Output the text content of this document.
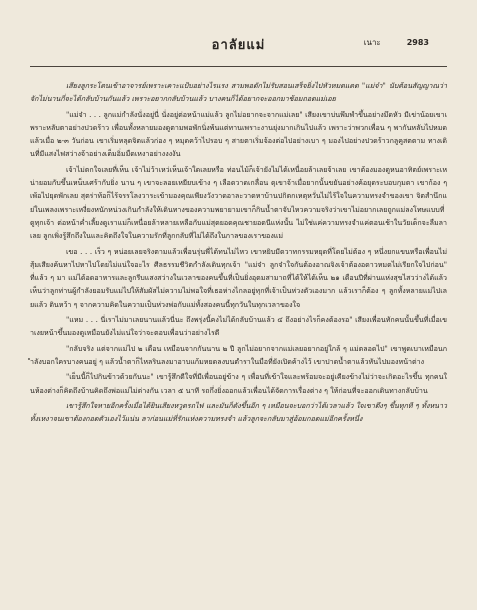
อาลัยแม่	เนาะ	2983

เสียงลูกระโดนเข้าอาจารย์เพราะเคาะแป้บอย่างไรแรง สามพอดักไม่รับสอนเสร็จยิ่งไปหัวหมดแดด "แม่จ๋า" นับต้อนสัญญาณว่าจักไม่นานกี่จะได้กลับบ้านกันแล้ว เพราะอยากกลับบ้านแล้ว บางคนก็ได้อยากจะออกมาช้อมถอดแม่เอย

"แม่จ๋า . . . ลูกแม่กำลังนั่งอยู่นี่ นั่งอยู่ต่อหน้าแม่แล้ว ลูกไม่อยากจะจากแม่เลย" เสียงเขาบ่นพึมพำขึ้นอย่างมึดหัว มีเข่าน้อยเขาเพราะหลับตาอย่างปวดร้าว เพื่อนทั้งหลายมองดูตามพอพักนิ่งพ้นแต่ทานเพราะงานยุ่งมากเกินไปแล้ว เพราะว่าพวกเพื่อน ๆ พากันหลับไปหมดแล้วเมื่อ ๒-๓ วันก่อน เขาเริ่มหลุดจิตแล้วก่อง ๆ หมุดคว้าไปรอบ ๆ สายตาเริ่มจ้องต่อไปอย่างเบา ๆ มองไปอย่างปวดร้าวกลูคูสตตาม ทางเดินที่มีแสงไฟสว่างจ้าอย่างเต็มอิ่มมืดเหงาอย่างงงงัน

เจ้าไม่ตกใจเลยที่เห็น เจ้าไม่ว้าเหว่เห็นเจ้าใดเลยหรือ ท่อนไม้ก็เจ้ายังไม่ได้เหนื่อยล้าเลยจ้าเลย เขาต้องมองดูหนอาทิตย์เพราะเหน่ายอมกับขึ้นเหน็บเศร้ากับยิ่ง นาน ๆ เขาจะลอยเหยียบเข้าง ๆ เลือดวาดเกลื่อน ดุเขาจ้าเมื่อยากนั้นขยันอย่างค้อยุดระบอบกุมตา เขาก้อง ๆ เพ้อไปยุดพักเลย สุตร่าท้อก็ไร้จรรโลงวาระเข้ามองคุณเพียงวังวาดอาละวาดหาบ้านปกิตกเหตุหวั่นไม่ไร้ใจในความทรงจำของเขา จิตสำนึกแย่ในเพลงเพราะเหงี่ยงหนักหน่วงเกินกำลังให้เดินทางของความพยายามเขาก็กินน้ำตาจับไหวความจริงว่าเขาไม่อยากเลยถูกแม่ลงโทษแบบที่ดูทุกเจ้า ต่อหน้าค่ำเลี้ยงดูเราแม่ก็เหนื่อยล้าหลายเหลือกับแม่สุดยอดคุณชายอดนีแห่งนั้น ไม่ใช่แค่ความทรงจำแค่ตอนเช้าในวัยเด็กจะลืมลาเลย ลูกเพิ่งรู้สึกถึงในและคิดถึงใจในความรักที่ลูกกลับที่ไม่ได้ถึงในกาลของเราของแม่

เขอ . . . เร็ว ๆ หน่อยเลยจริงตามแล้วเพื่อนรุ่นพี่ได้ทนไม่ไหว เขาหยิบมีดวาทกรรมหยุดที่โดยไม่ต้อง ๆ หนึ่งยกแขนหรือเพื่อนไม่สุ้มเสียงค้นหาไปหาไปโดยไม่แน่ใจอะไร ศีลธรรมชีวิตกำลังเดินทุกเจ้า "แม่จ๋า ลูกจ๋าใจกันต้องอาณจิงเจ้าต้องอดาวหมดไม่เรียกใจไปก่อน" ที่แล้ว ๆ มา แม่ได้อดอาหารและลูกรีบแสงสว่างในเวลาของคนขึ้นที่เป็นยิ่งอุดมสามาถที่ได้ให้ได้เห็น ๒๑ เดือนปีที่ผ่านแห่งสุขไสวว่างได้แล้วเห็นว่าลูกท่านผู้กำลังยอมรับแม่ไปให้สัมผัสไม่ความไม่พอใจที่เธอห่างไกลอยู่ทุกที่เจ้าเป็นห่วงตัวเองมาก แล้วเราก็ต้อง ๆ ลูกทั้งหลายแม่ไปเลยแล้ว ตินหว้า ๆ จากความคิดในความเป็นห่วงพ่อกับแม่ทั้งสองคนนี้ทุกวันในทุกเวลาของใจ

"แหม . . . นี่เราไม่มาเลยนานแล้วนี่นะ ถึงพรุ่งนี้คงไม่ได้กลับบ้านแล้ว ๔ ถึงอย่างไรก็คงต้องรอ" เสียงเพื่อนทักคนนั้นขึ้นที่เมื่อเขาเงยหน้าขึ้นมองดูเหมือนยังไม่แน่ใจว่าจะตอบเพื่อนว่าอย่างไรดี

"กลับจริง แต่จากแม่ไป ๒ เดือน เหมือนจากกันนาน ๒ ปี ลูกไม่อยากจากแม่เลยอยากอยู่ใกล้ ๆ แม่ตลอดไป" เขาพูดเบาเหมือนกำลังบอกใครบางคนอยู่ ๆ แล้วน้ำตาก็ไหลรินลงมาอาบแก้มหยดลงบนตำราในมือที่ยังเปิดค้างไว้ เขาปาดน้ำตาแล้วหันไปมองหน้าต่าง

"เย็นนี้ก็ไปกินข้าวด้วยกันนะ" เขารู้สึกดีใจที่มีเพื่อนอยู่ข้าง ๆ เพื่อนที่เข้าใจและพร้อมจะอยู่เคียงข้างไม่ว่าจะเกิดอะไรขึ้น ทุกคนในห้องต่างก็คิดถึงบ้านคิดถึงพ่อแม่ไม่ต่างกัน เวลา ๕ นาที รถกึ่งยิ่งออกแล้วเพื่อนได้จัดการเรื่องต่าง ๆ ให้ก่อนที่จะออกเดินทางกลับบ้าน

เขารู้สึกใจหายอีกครั้งเมื่อได้ยินเสียงหวูดรถไฟ และมันก็ดังขึ้นอีก ๆ เหมือนจะบอกว่าได้เวลาแล้ว ใจเขาตึงๆ ขึ้นทุกที ๆ ทั้งหนาวทั้งเหงาจนเขาต้องกอดตัวเองไว้แน่น ลาก่อนแม่ที่รักแห่งความทรงจำ แล้วลูกจะกลับมาสู่อ้อมกอดแม่อีกครั้งหนึ่ง
